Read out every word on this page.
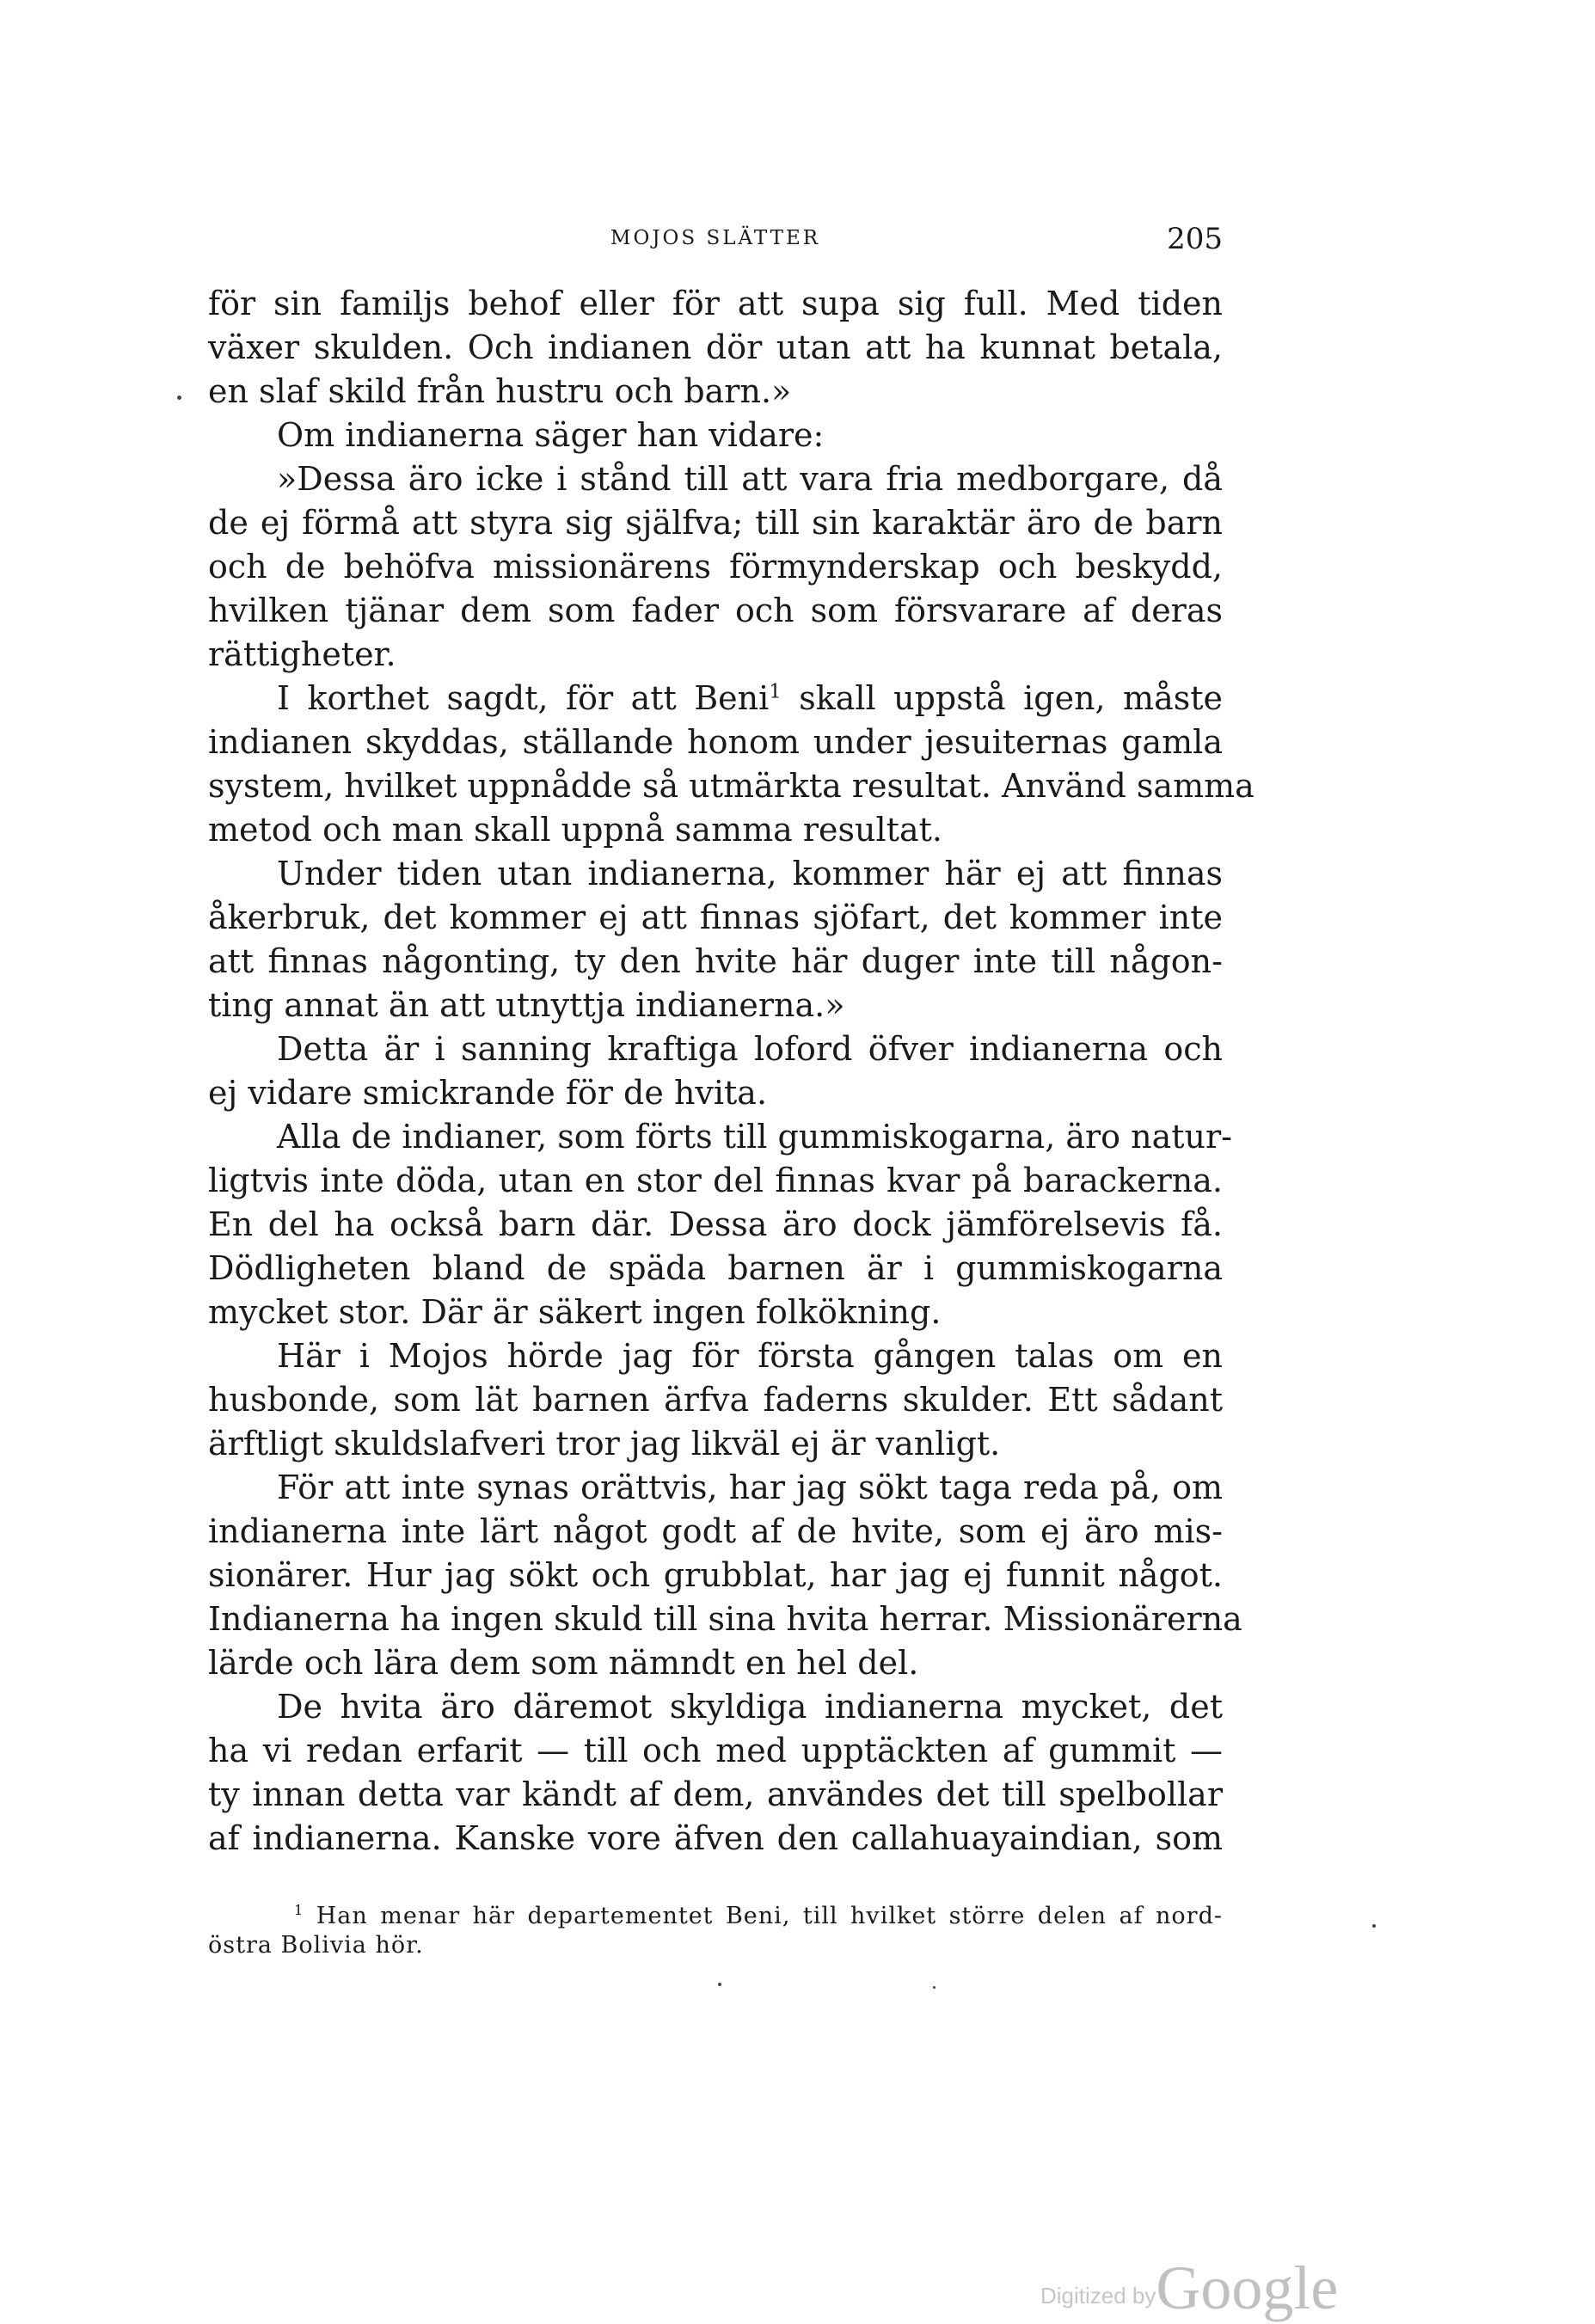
MOJOS SLÄTTER	205
för sin familjs behof eller för att supa sig full. Med tiden
växer skulden. Och indianen dör utan att ha kunnat betala,
en slaf skild från hustru och barn.»
Om indianerna säger han vidare:
»Dessa äro icke i stånd till att vara fria medborgare, då
de ej förmå att styra sig själfva; till sin karaktär äro de barn
och de behöfva missionärens förmynderskap och beskydd,
hvilken tjänar dem som fader och som försvarare af deras
rättigheter.
I korthet sagdt, för att Beni$^1$ skall uppstå igen, måste
indianen skyddas, ställande honom under jesuiternas gamla
system, hvilket uppnådde så utmärkta resultat. Använd samma
metod och man skall uppnå samma resultat.
Under tiden utan indianerna, kommer här ej att finnas
åkerbruk, det kommer ej att finnas sjöfart, det kommer inte
att finnas någonting, ty den hvite här duger inte till någon-
ting annat än att utnyttja indianerna.»
Detta är i sanning kraftiga loford öfver indianerna och
ej vidare smickrande för de hvita.
Alla de indianer, som förts till gummiskogarna, äro natur-
ligtvis inte döda, utan en stor del finnas kvar på barackerna.
En del ha också barn där. Dessa äro dock jämförelsevis få.
Dödligheten bland de späda barnen är i gummiskogarna
mycket stor. Där är säkert ingen folkökning.
Här i Mojos hörde jag för första gången talas om en
husbonde, som lät barnen ärfva faderns skulder. Ett sådant
ärftligt skuldslafveri tror jag likväl ej är vanligt.
För att inte synas orättvis, har jag sökt taga reda på, om
indianerna inte lärt något godt af de hvite, som ej äro mis-
sionärer. Hur jag sökt och grubblat, har jag ej funnit något.
Indianerna ha ingen skuld till sina hvita herrar. Missionärerna
lärde och lära dem som nämndt en hel del.
De hvita äro däremot skyldiga indianerna mycket, det
ha vi redan erfarit — till och med upptäckten af gummit —
ty innan detta var kändt af dem, användes det till spelbollar
af indianerna. Kanske vore äfven den callahuayaindian, som
$^1$ Han menar här departementet Beni, till hvilket större delen af nord-
östra Bolivia hör.
Digitized byGoogle
